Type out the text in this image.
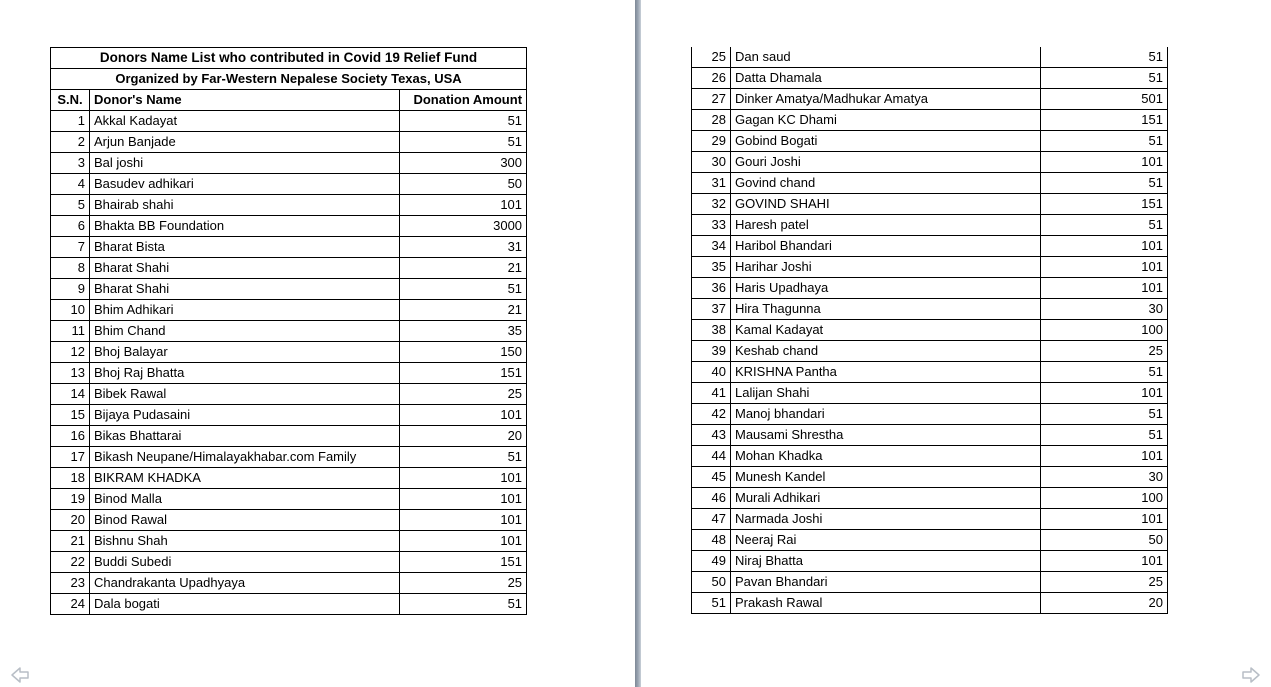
Donors Name List who contributed in Covid 19 Relief Fund		
Organized by Far-Western Nepalese Society Texas, USA		
S.N.	Donor's Name	Donation Amount
1	Akkal Kadayat	51
2	Arjun Banjade	51
3	Bal joshi	300
4	Basudev adhikari	50
5	Bhairab shahi	101
6	Bhakta BB Foundation	3000
7	Bharat Bista	31
8	Bharat Shahi	21
9	Bharat Shahi	51
10	Bhim Adhikari	21
11	Bhim Chand	35
12	Bhoj Balayar	150
13	Bhoj Raj Bhatta	151
14	Bibek Rawal	25
15	Bijaya Pudasaini	101
16	Bikas Bhattarai	20
17	Bikash Neupane/Himalayakhabar.com Family	51
18	BIKRAM KHADKA	101
19	Binod Malla	101
20	Binod Rawal	101
21	Bishnu Shah	101
22	Buddi Subedi	151
23	Chandrakanta Upadhyaya	25
24	Dala bogati	51
25	Dan saud	51
26	Datta Dhamala	51
27	Dinker Amatya/Madhukar Amatya	501
28	Gagan KC Dhami	151
29	Gobind Bogati	51
30	Gouri Joshi	101
31	Govind chand	51
32	GOVIND SHAHI	151
33	Haresh patel	51
34	Haribol Bhandari	101
35	Harihar Joshi	101
36	Haris Upadhaya	101
37	Hira Thagunna	30
38	Kamal Kadayat	100
39	Keshab chand	25
40	KRISHNA Pantha	51
41	Lalijan Shahi	101
42	Manoj bhandari	51
43	Mausami Shrestha	51
44	Mohan Khadka	101
45	Munesh Kandel	30
46	Murali Adhikari	100
47	Narmada Joshi	101
48	Neeraj Rai	50
49	Niraj Bhatta	101
50	Pavan Bhandari	25
51	Prakash Rawal	20
